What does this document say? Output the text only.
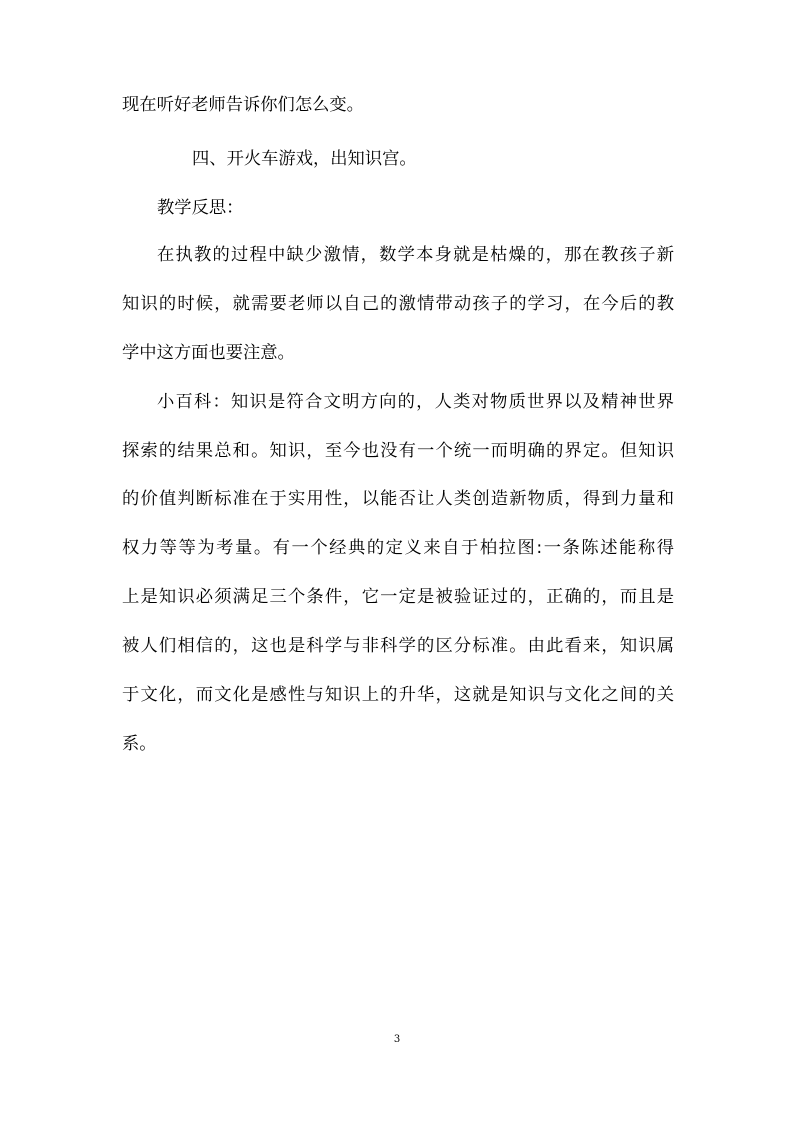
现在听好老师告诉你们怎么变。
四、开火车游戏，出知识宫。
教学反思：
在执教的过程中缺少激情，数学本身就是枯燥的，那在教孩子新
知识的时候，就需要老师以自己的激情带动孩子的学习，在今后的教
学中这方面也要注意。
小百科：知识是符合文明方向的，人类对物质世界以及精神世界
探索的结果总和。知识，至今也没有一个统一而明确的界定。但知识
的价值判断标准在于实用性，以能否让人类创造新物质，得到力量和
权力等等为考量。有一个经典的定义来自于柏拉图:一条陈述能称得
上是知识必须满足三个条件，它一定是被验证过的，正确的，而且是
被人们相信的，这也是科学与非科学的区分标准。由此看来，知识属
于文化，而文化是感性与知识上的升华，这就是知识与文化之间的关
系。
3
